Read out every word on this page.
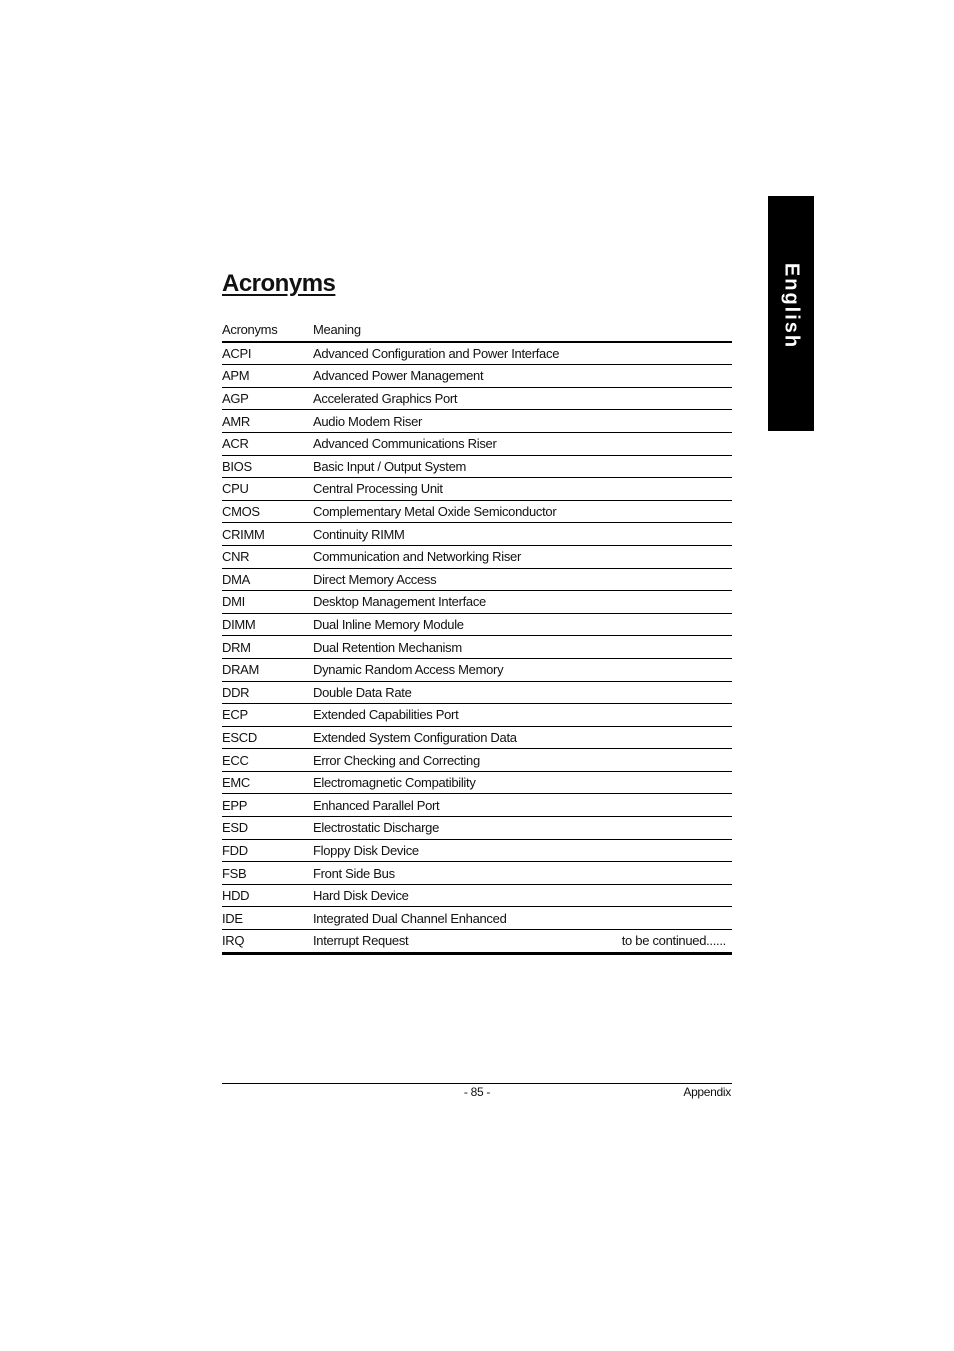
English
Acronyms
Acronyms	Meaning
ACPI	Advanced Configuration and Power Interface
APM	Advanced Power Management
AGP	Accelerated Graphics Port
AMR	Audio Modem Riser
ACR	Advanced Communications Riser
BIOS	Basic Input / Output System
CPU	Central Processing Unit
CMOS	Complementary Metal Oxide Semiconductor
CRIMM	Continuity RIMM
CNR	Communication and Networking Riser
DMA	Direct Memory Access
DMI	Desktop Management Interface
DIMM	Dual Inline Memory Module
DRM	Dual Retention Mechanism
DRAM	Dynamic Random Access Memory
DDR	Double Data Rate
ECP	Extended Capabilities Port
ESCD	Extended System Configuration Data
ECC	Error Checking and Correcting
EMC	Electromagnetic Compatibility
EPP	Enhanced Parallel Port
ESD	Electrostatic Discharge
FDD	Floppy Disk Device
FSB	Front Side Bus
HDD	Hard Disk Device
IDE	Integrated Dual Channel Enhanced
IRQ	Interrupt Request	to be continued......
- 85 -	Appendix
